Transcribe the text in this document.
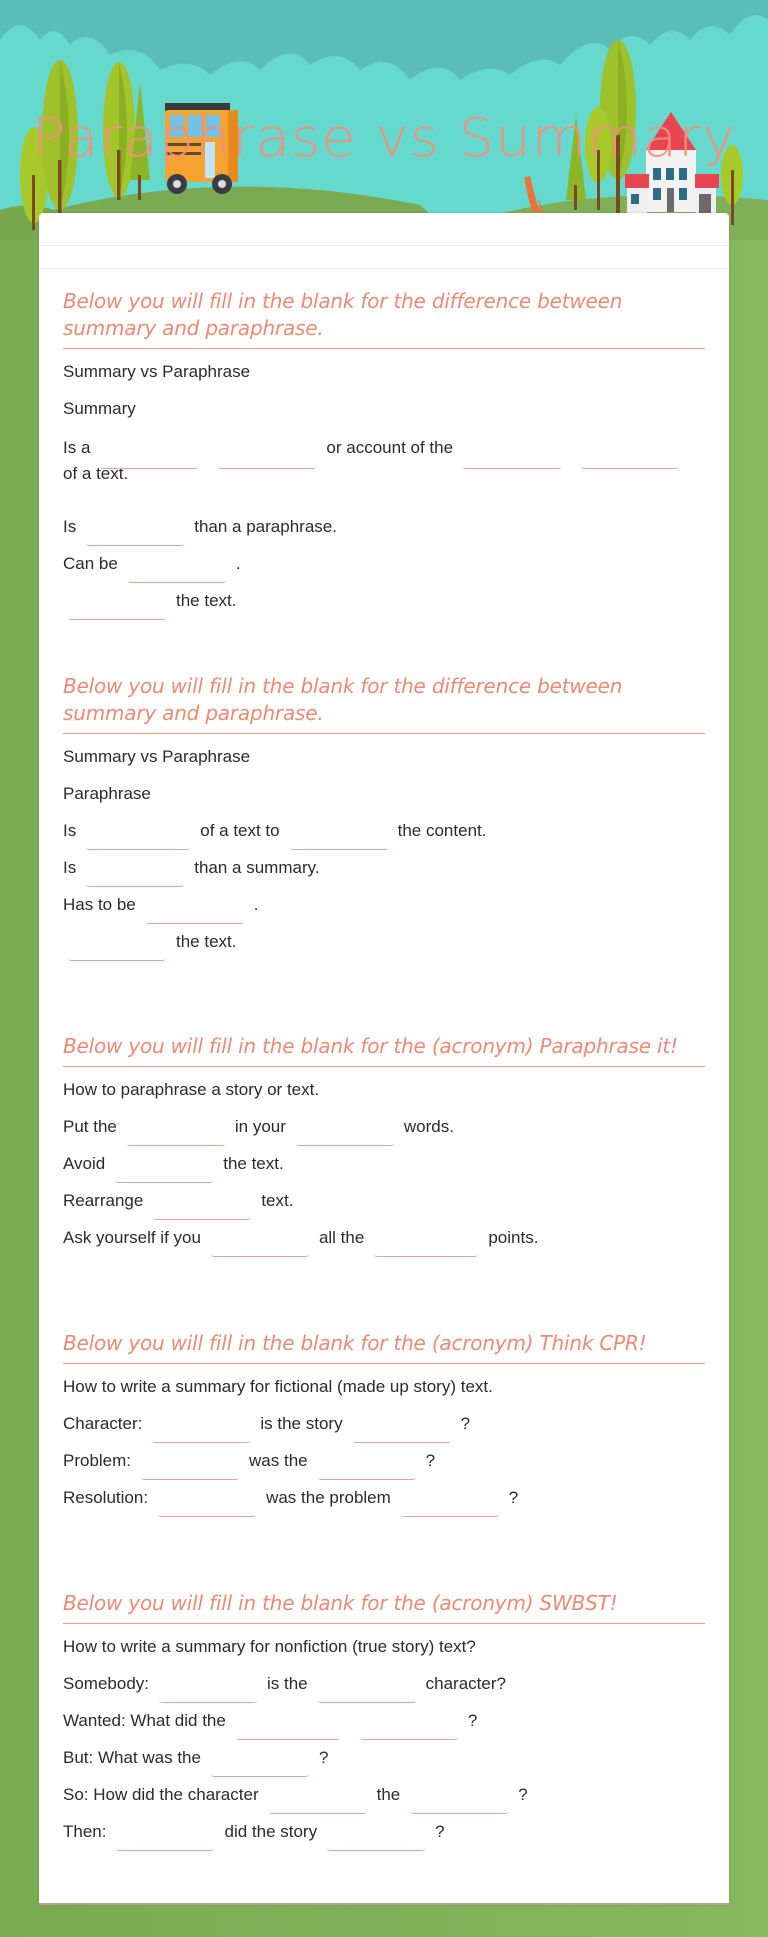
Paraphrase vs Summary
Below you will fill in the blank for the difference between summary and paraphrase.
Summary vs Paraphrase
Summary
Is a	or account of the
of a text.
Is	than a paraphrase.
Can be	.
the text.
Below you will fill in the blank for the difference between summary and paraphrase.
Summary vs Paraphrase
Paraphrase
Is	of a text to	the content.
Is	than a summary.
Has to be	.
the text.
Below you will fill in the blank for the (acronym) Paraphrase it!
How to paraphrase a story or text.
Put the	in your	words.
Avoid	the text.
Rearrange	text.
Ask yourself if you	all the	points.
Below you will fill in the blank for the (acronym) Think CPR!
How to write a summary for fictional (made up story) text.
Character:	is the story	?
Problem:	was the	?
Resolution:	was the problem	?
Below you will fill in the blank for the (acronym) SWBST!
How to write a summary for nonfiction (true story) text?
Somebody:	is the	character?
Wanted: What did the	?
But: What was the	?
So: How did the character	the	?
Then:	did the story	?
